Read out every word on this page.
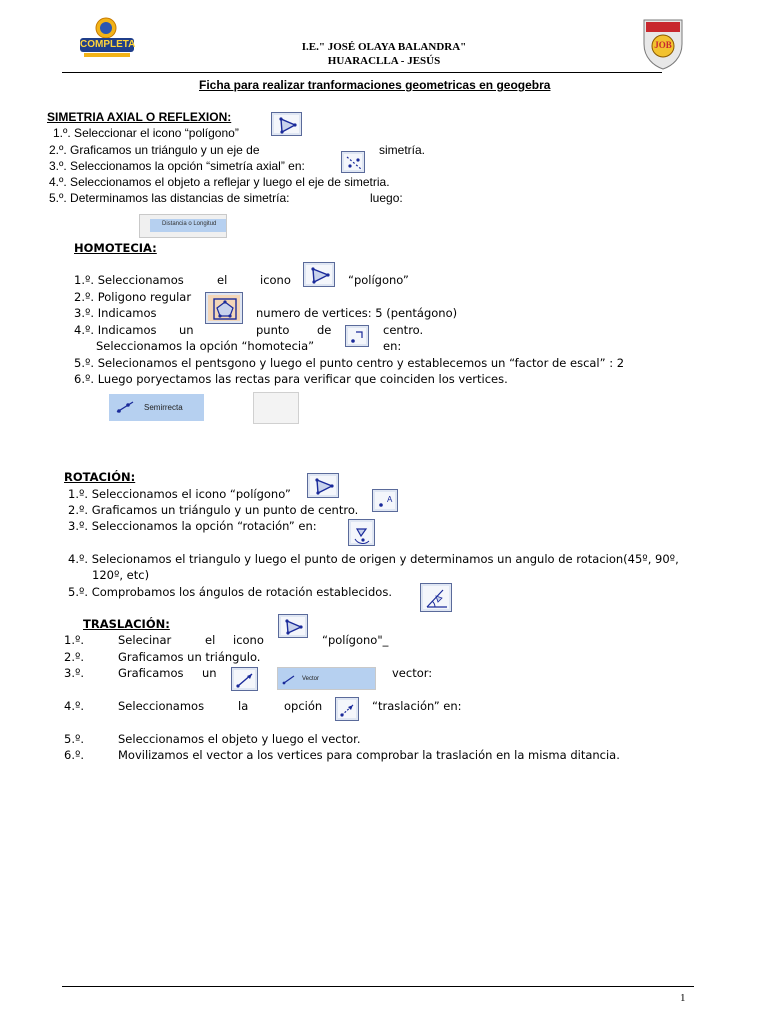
COMPLETA	I.E." JOSÉ OLAYA BALANDRA"
HUARACLLA - JESÚS
JOB
Ficha para realizar tranformaciones geometricas en geogebra
SIMETRIA AXIAL O REFLEXION:
1.º. Seleccionar el icono “polígono”
2.º. Graficamos un triángulo y un eje de	simetría.
3.º. Seleccionamos la opción “simetría axial” en:
4.º. Seleccionamos el objeto a reflejar y luego el eje de simetria.
5.º. Determinamos las distancias de simetría:	luego:
Distancia o Longitud
HOMOTECIA:
1.º. Seleccionamos	el	icono	“polígono”
2.º. Poligono regular
3.º. Indicamos	numero de vertices: 5 (pentágono)
4.º. Indicamos un	punto de	centro.
Seleccionamos la opción “homotecia”	en:
5.º. Selecionamos el pentsgono y luego el punto centro y establecemos un “factor de escal” : 2
6.º. Luego poryectamos las rectas para verificar que coinciden los vertices.
Semirrecta
ROTACIÓN:
1.º. Seleccionamos el icono “polígono”
2.º. Graficamos un triángulo y un punto de centro.
3.º. Seleccionamos la opción “rotación” en:
4.º. Selecionamos el triangulo y luego el punto de origen y determinamos un angulo de rotacion(45º, 90º,
120º, etc)
5.º. Comprobamos los ángulos de rotación establecidos.
A
TRASLACIÓN:
1.º.	Selecinar	el icono	“polígono"_
2.º.	Graficamos un triángulo.
3.º.	Graficamos un	vector:
4.º.	Seleccionamos	la	opción	“traslación” en:
5.º.	Seleccionamos el objeto y luego el vector.
6.º.	Movilizamos el vector a los vertices para comprobar la traslación en la misma ditancia.
Vector
1
